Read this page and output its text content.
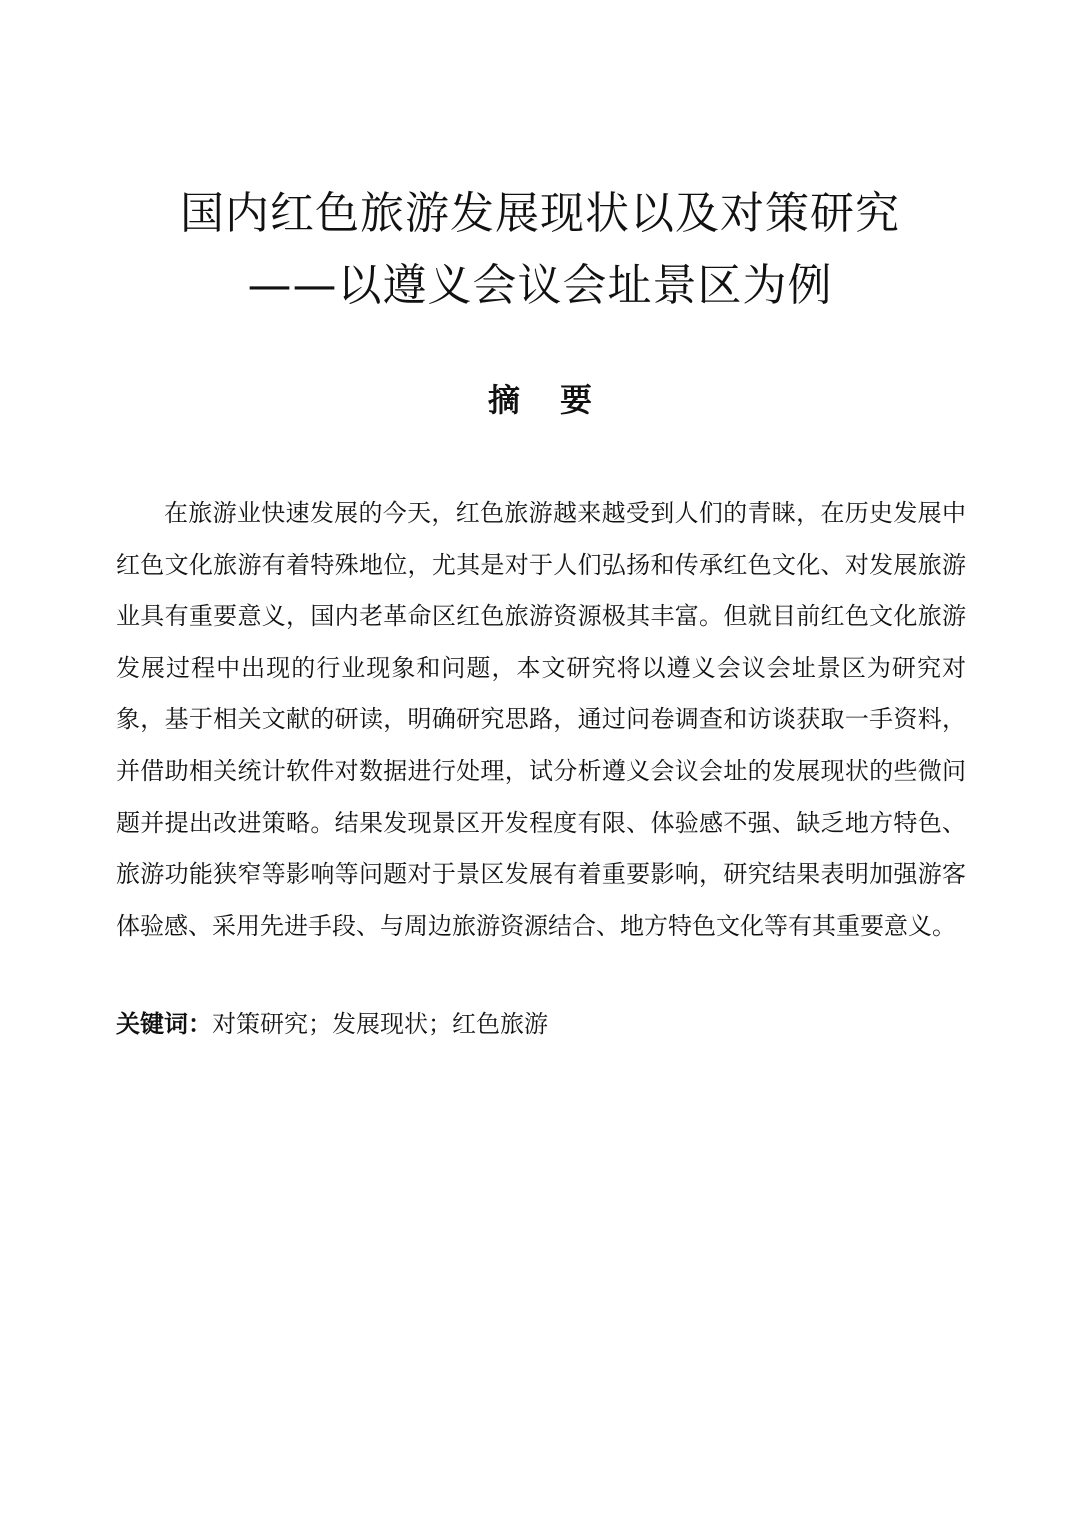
国内红色旅游发展现状以及对策研究
——以遵义会议会址景区为例
摘要

在旅游业快速发展的今天，红色旅游越来越受到人们的青睐，在历史发展中红色文化旅游有着特殊地位，尤其是对于人们弘扬和传承红色文化、对发展旅游业具有重要意义，国内老革命区红色旅游资源极其丰富。但就目前红色文化旅游发展过程中出现的行业现象和问题，本文研究将以遵义会议会址景区为研究对象，基于相关文献的研读，明确研究思路，通过问卷调查和访谈获取一手资料，并借助相关统计软件对数据进行处理，试分析遵义会议会址的发展现状的些微问题并提出改进策略。结果发现景区开发程度有限、体验感不强、缺乏地方特色、旅游功能狭窄等影响等问题对于景区发展有着重要影响，研究结果表明加强游客体验感、采用先进手段、与周边旅游资源结合、地方特色文化等有其重要意义。

关键词：对策研究；发展现状；红色旅游
